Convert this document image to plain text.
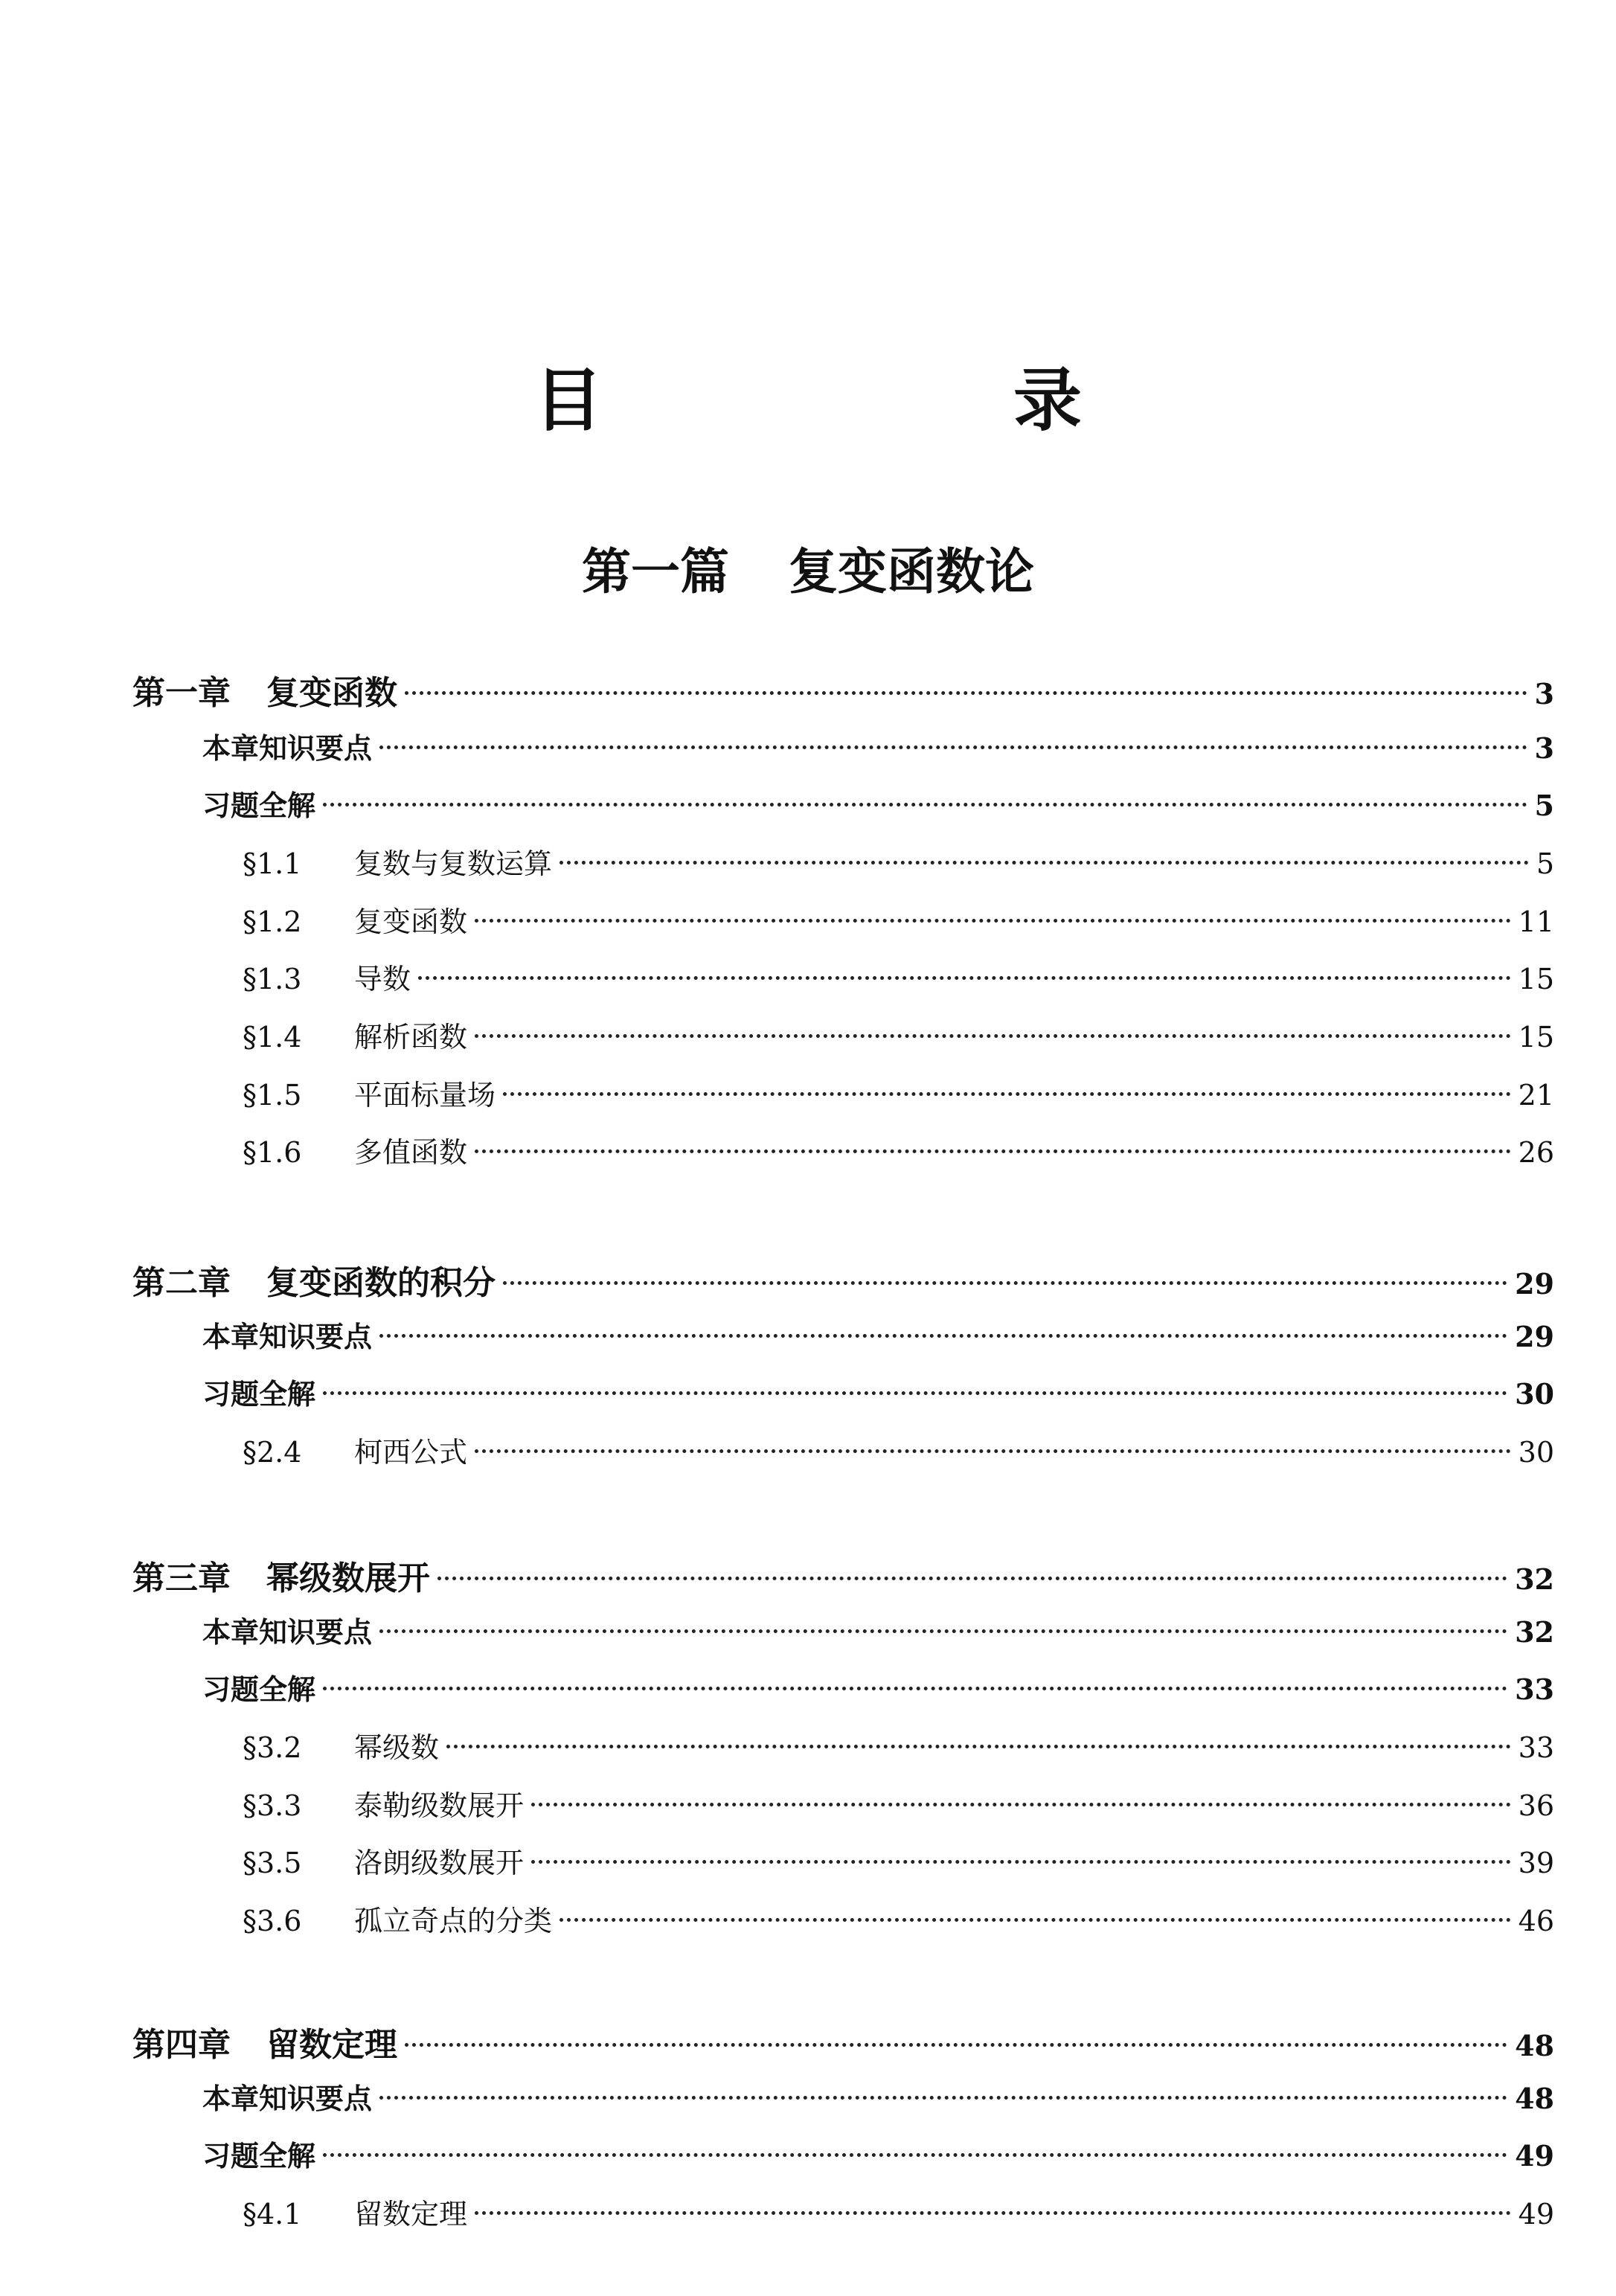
目 录
第一篇 复变函数论
第一章 复变函数	3
本章知识要点	3
习题全解	5
§1.1 复数与复数运算	5
§1.2 复变函数	11
§1.3 导数	15
§1.4 解析函数	15
§1.5 平面标量场	21
§1.6 多值函数	26
第二章 复变函数的积分	29
本章知识要点	29
习题全解	30
§2.4 柯西公式	30
第三章 幂级数展开	32
本章知识要点	32
习题全解	33
§3.2 幂级数	33
§3.3 泰勒级数展开	36
§3.5 洛朗级数展开	39
§3.6 孤立奇点的分类	46
第四章 留数定理	48
本章知识要点	48
习题全解	49
§4.1 留数定理	49
